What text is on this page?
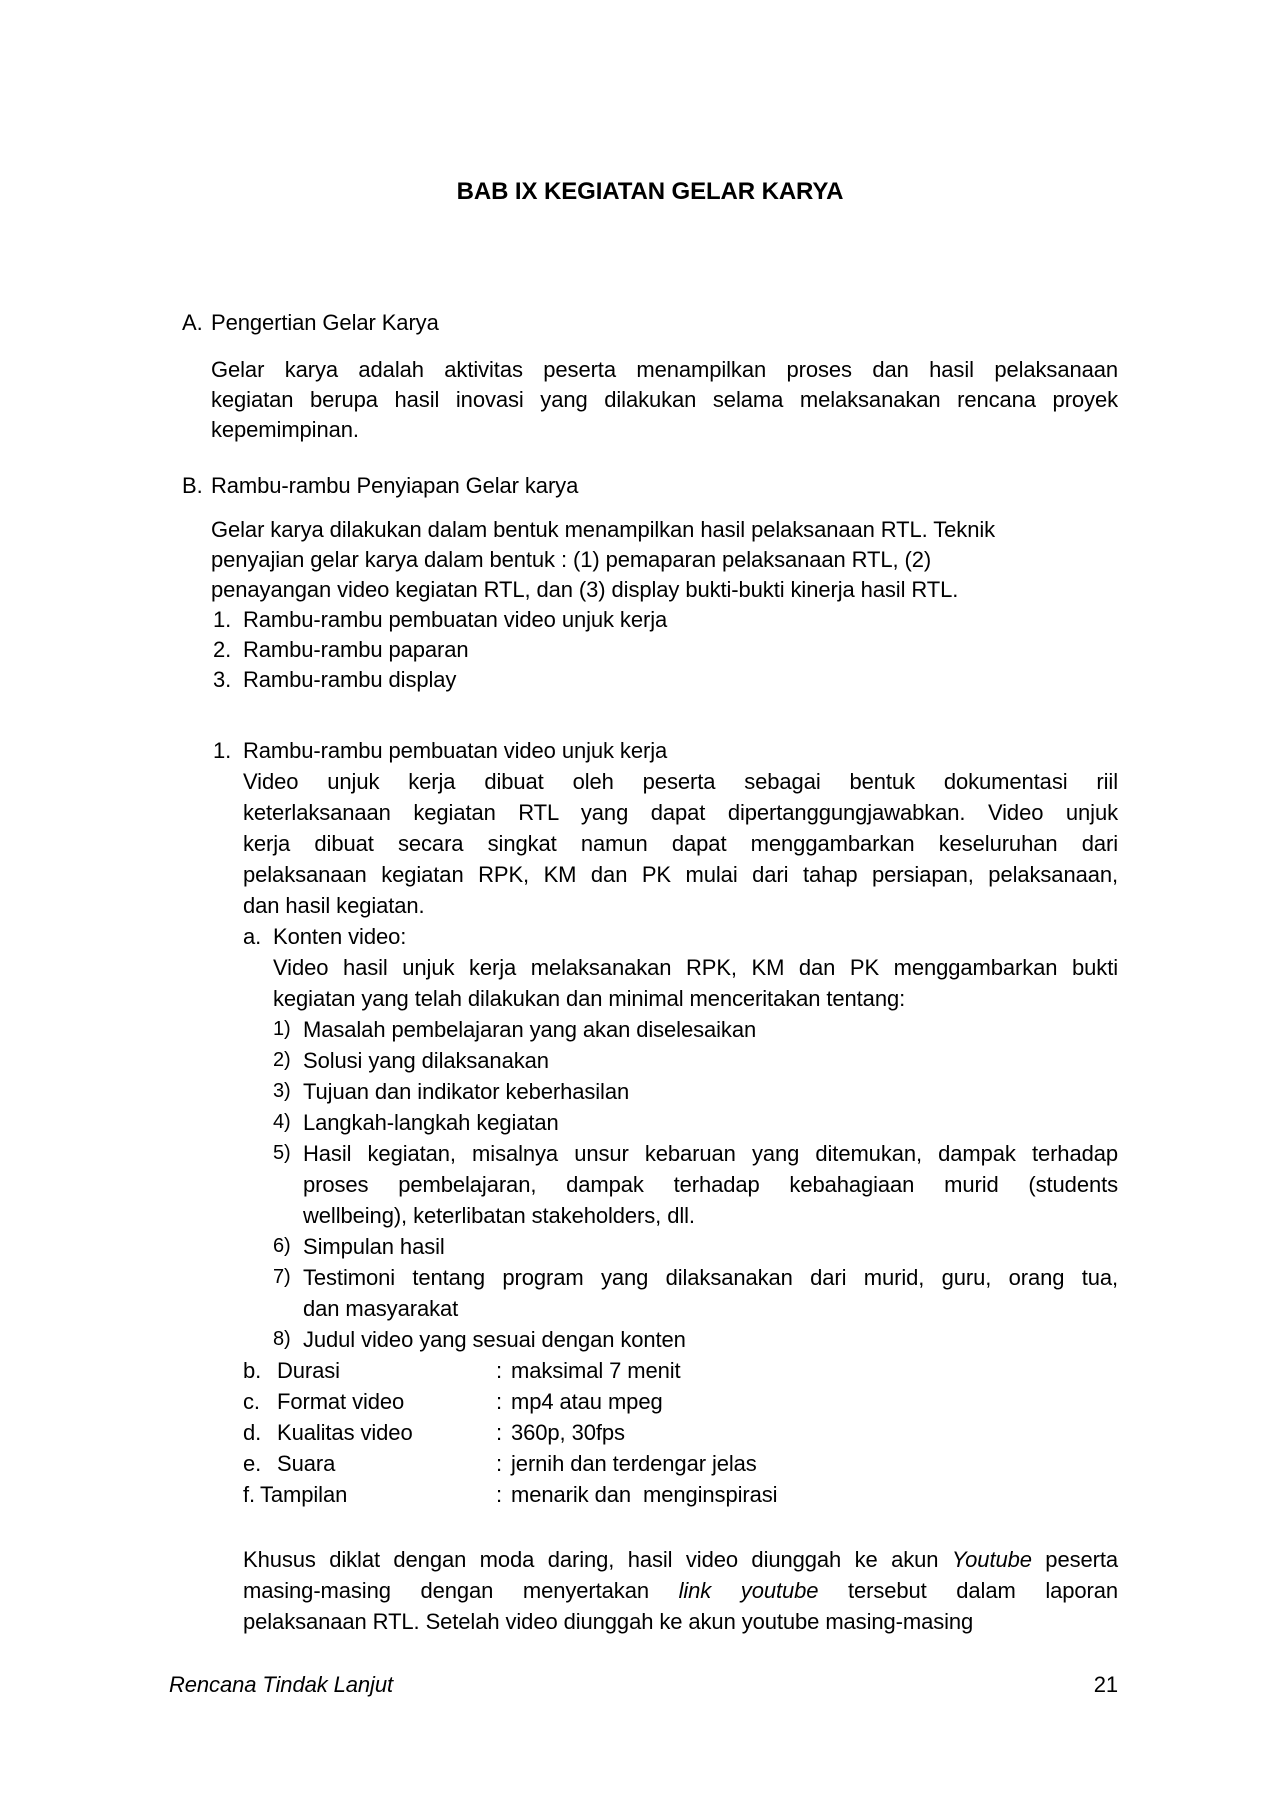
BAB IX KEGIATAN GELAR KARYA
A. Pengertian Gelar Karya
Gelar karya adalah aktivitas peserta menampilkan proses dan hasil pelaksanaan
kegiatan berupa hasil inovasi yang dilakukan selama melaksanakan rencana proyek
kepemimpinan.
B. Rambu-rambu Penyiapan Gelar karya
Gelar karya dilakukan dalam bentuk menampilkan hasil pelaksanaan RTL. Teknik
penyajian gelar karya dalam bentuk : (1) pemaparan pelaksanaan RTL, (2)
penayangan video kegiatan RTL, dan (3) display bukti-bukti kinerja hasil RTL.
1. Rambu-rambu pembuatan video unjuk kerja
2. Rambu-rambu paparan
3. Rambu-rambu display
1. Rambu-rambu pembuatan video unjuk kerja
Video unjuk kerja dibuat oleh peserta sebagai bentuk dokumentasi riil
keterlaksanaan kegiatan RTL yang dapat dipertanggungjawabkan. Video unjuk
kerja dibuat secara singkat namun dapat menggambarkan keseluruhan dari
pelaksanaan kegiatan RPK, KM dan PK mulai dari tahap persiapan, pelaksanaan,
dan hasil kegiatan.
a. Konten video:
Video hasil unjuk kerja melaksanakan RPK, KM dan PK menggambarkan bukti
kegiatan yang telah dilakukan dan minimal menceritakan tentang:
1) Masalah pembelajaran yang akan diselesaikan
2) Solusi yang dilaksanakan
3) Tujuan dan indikator keberhasilan
4) Langkah-langkah kegiatan
5) Hasil kegiatan, misalnya unsur kebaruan yang ditemukan, dampak terhadap
proses pembelajaran, dampak terhadap kebahagiaan murid (students
wellbeing), keterlibatan stakeholders, dll.
6) Simpulan hasil
7) Testimoni tentang program yang dilaksanakan dari murid, guru, orang tua,
dan masyarakat
8) Judul video yang sesuai dengan konten
b. Durasi	: maksimal 7 menit
c. Format video	: mp4 atau mpeg
d. Kualitas video	: 360p, 30fps
e. Suara	: jernih dan terdengar jelas
f. Tampilan	: menarik dan  menginspirasi
Khusus diklat dengan moda daring, hasil video diunggah ke akun Youtube peserta
masing-masing dengan menyertakan link youtube tersebut dalam laporan
pelaksanaan RTL. Setelah video diunggah ke akun youtube masing-masing
Rencana Tindak Lanjut	21
